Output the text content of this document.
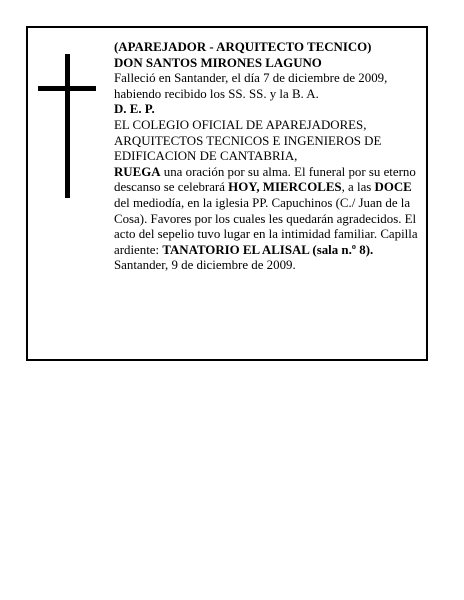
(APAREJADOR - ARQUITECTO TECNICO)

DON SANTOS MIRONES LAGUNO

Falleció en Santander, el día 7 de diciembre de 2009, habiendo recibido los SS. SS. y la B. A.

D. E. P.

EL COLEGIO OFICIAL DE APAREJADORES, ARQUITECTOS TECNICOS E INGENIEROS DE EDIFICACION DE CANTABRIA,

RUEGA una oración por su alma. El funeral por su eterno descanso se celebrará HOY, MIERCOLES, a las DOCE del mediodía, en la iglesia PP. Capuchinos (C./ Juan de la Cosa). Favores por los cuales les quedarán agradecidos. El acto del sepelio tuvo lugar en la intimidad familiar. Capilla ardiente: TANATORIO EL ALISAL (sala n.º 8).

Santander, 9 de diciembre de 2009.
